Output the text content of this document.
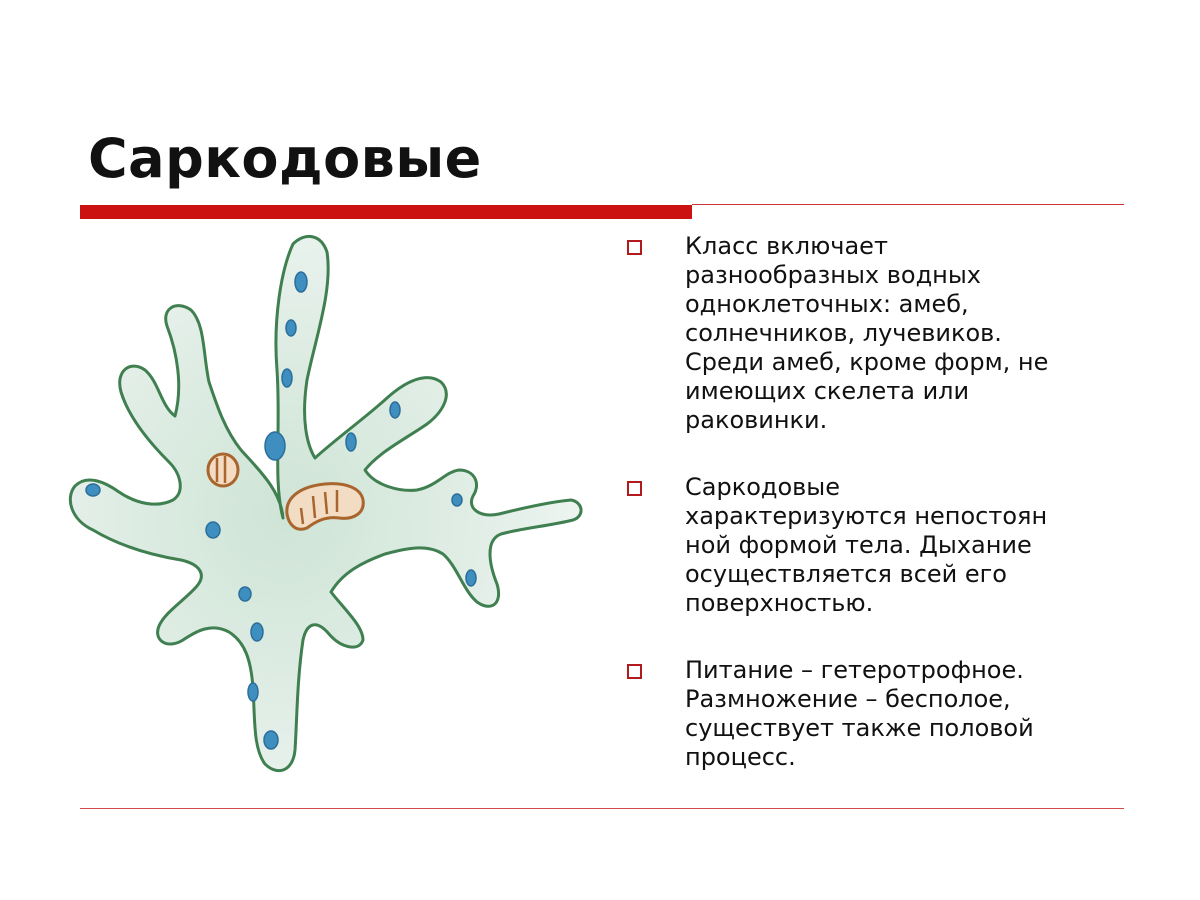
Саркодовые
Класс включает
разнообразных водных
одноклеточных: амеб,
солнечников, лучевиков.
Среди амеб, кроме форм, не
имеющих скелета или
раковинки.
Саркодовые
характеризуются непостоян
ной формой тела. Дыхание
осуществляется всей его
поверхностью.
Питание – гетеротрофное.
Размножение – бесполое,
существует также половой
процесс.
